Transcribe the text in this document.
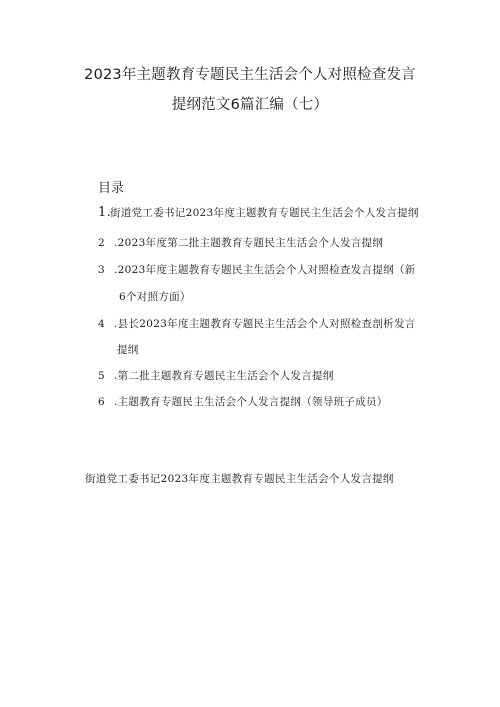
2023年主题教育专题民主生活会个人对照检查发言
提纲范文6篇汇编（七）
目录
1.街道党工委书记2023年度主题教育专题民主生活会个人发言提纲
2 .2023年度第二批主题教育专题民主生活会个人发言提纲
3 .2023年度主题教育专题民主生活会个人对照检查发言提纲（新
6个对照方面）
4 .县长2023年度主题教育专题民主生活会个人对照检查剖析发言
提纲
5 .第二批主题教育专题民主生活会个人发言提纲
6 .主题教育专题民主生活会个人发言提纲（领导班子成员）
街道党工委书记2023年度主题教育专题民主生活会个人发言提纲
